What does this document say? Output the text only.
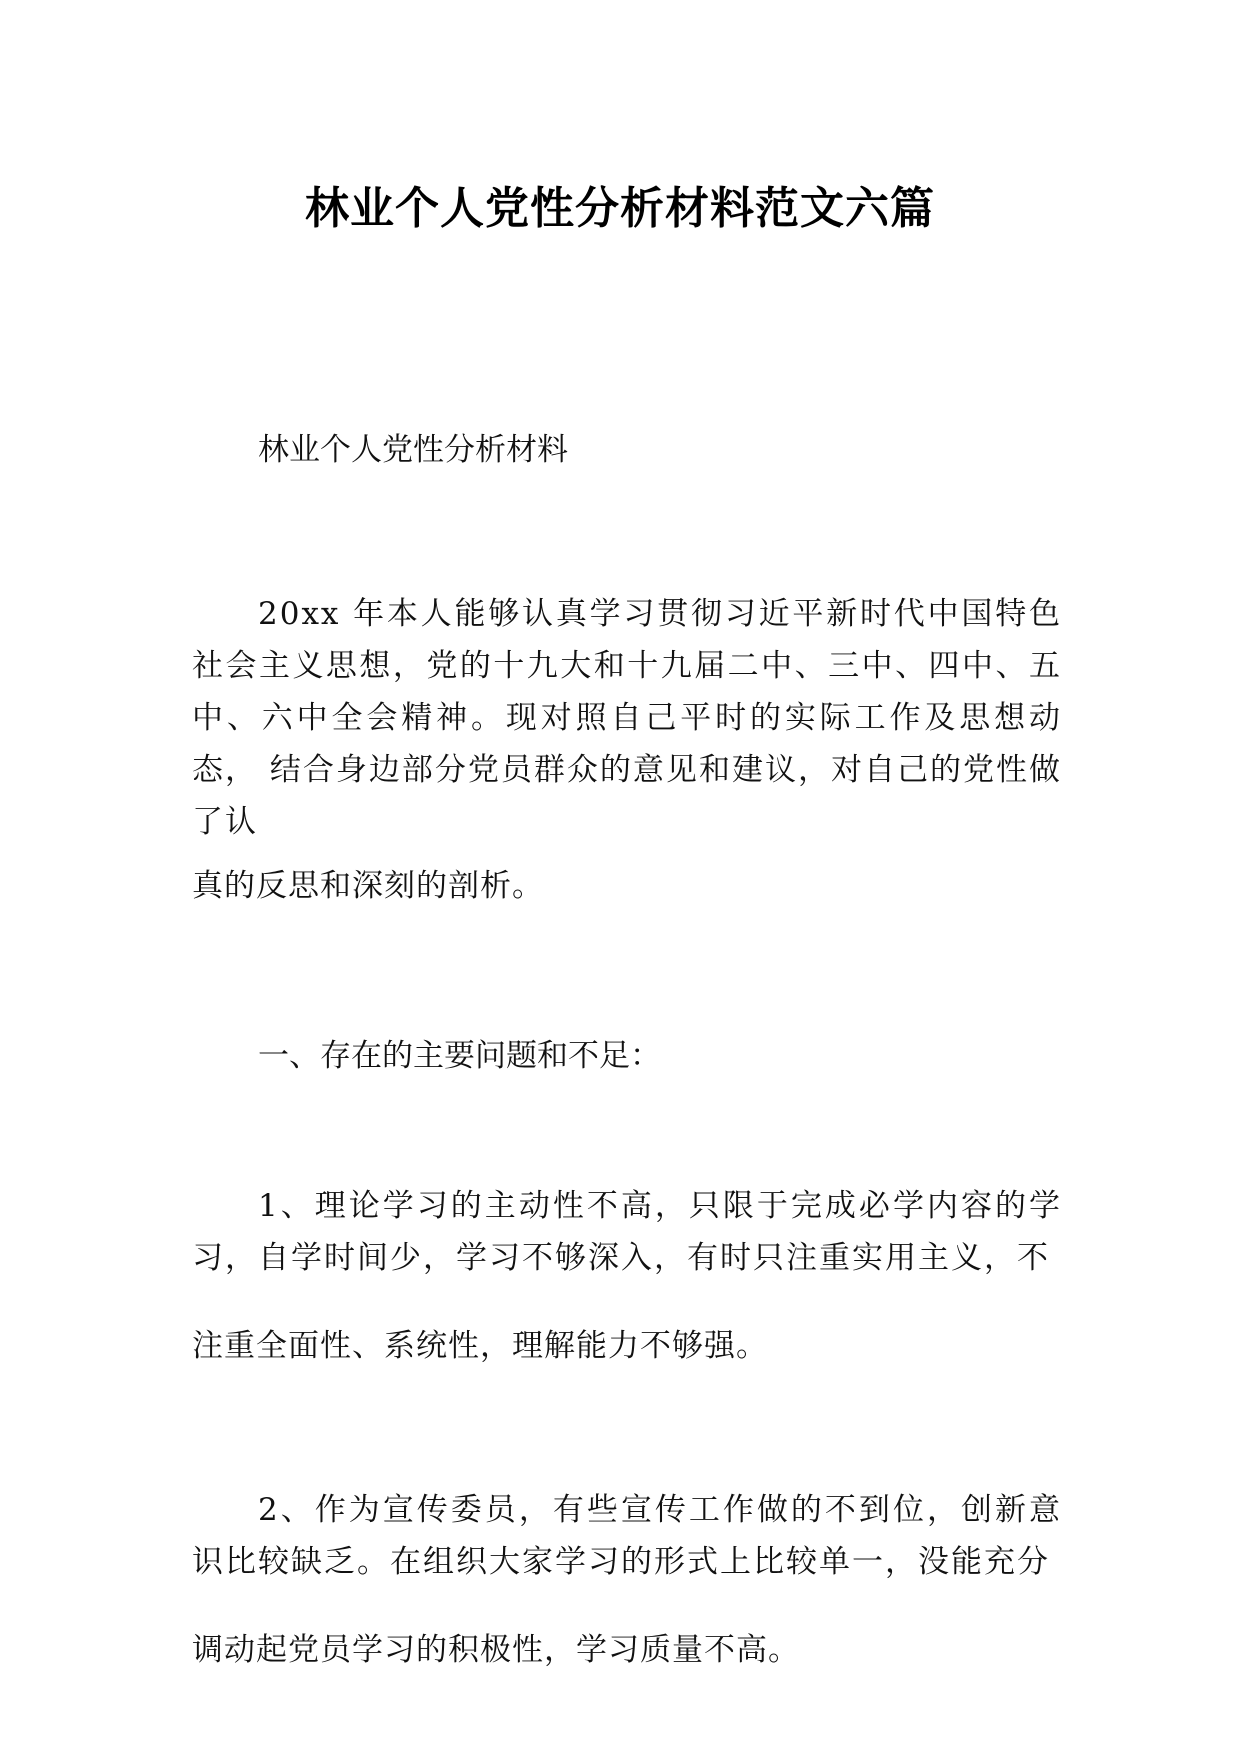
林业个人党性分析材料范文六篇

林业个人党性分析材料

20xx 年本人能够认真学习贯彻习近平新时代中国特色社会主义思想，党的十九大和十九届二中、三中、四中、五中、六中全会精神。现对照自己平时的实际工作及思想动态， 结合身边部分党员群众的意见和建议，对自己的党性做了认

真的反思和深刻的剖析。

一、存在的主要问题和不足：

1、理论学习的主动性不高，只限于完成必学内容的学习，自学时间少，学习不够深入，有时只注重实用主义，不

注重全面性、系统性，理解能力不够强。

2、作为宣传委员，有些宣传工作做的不到位，创新意识比较缺乏。在组织大家学习的形式上比较单一，没能充分

调动起党员学习的积极性，学习质量不高。
